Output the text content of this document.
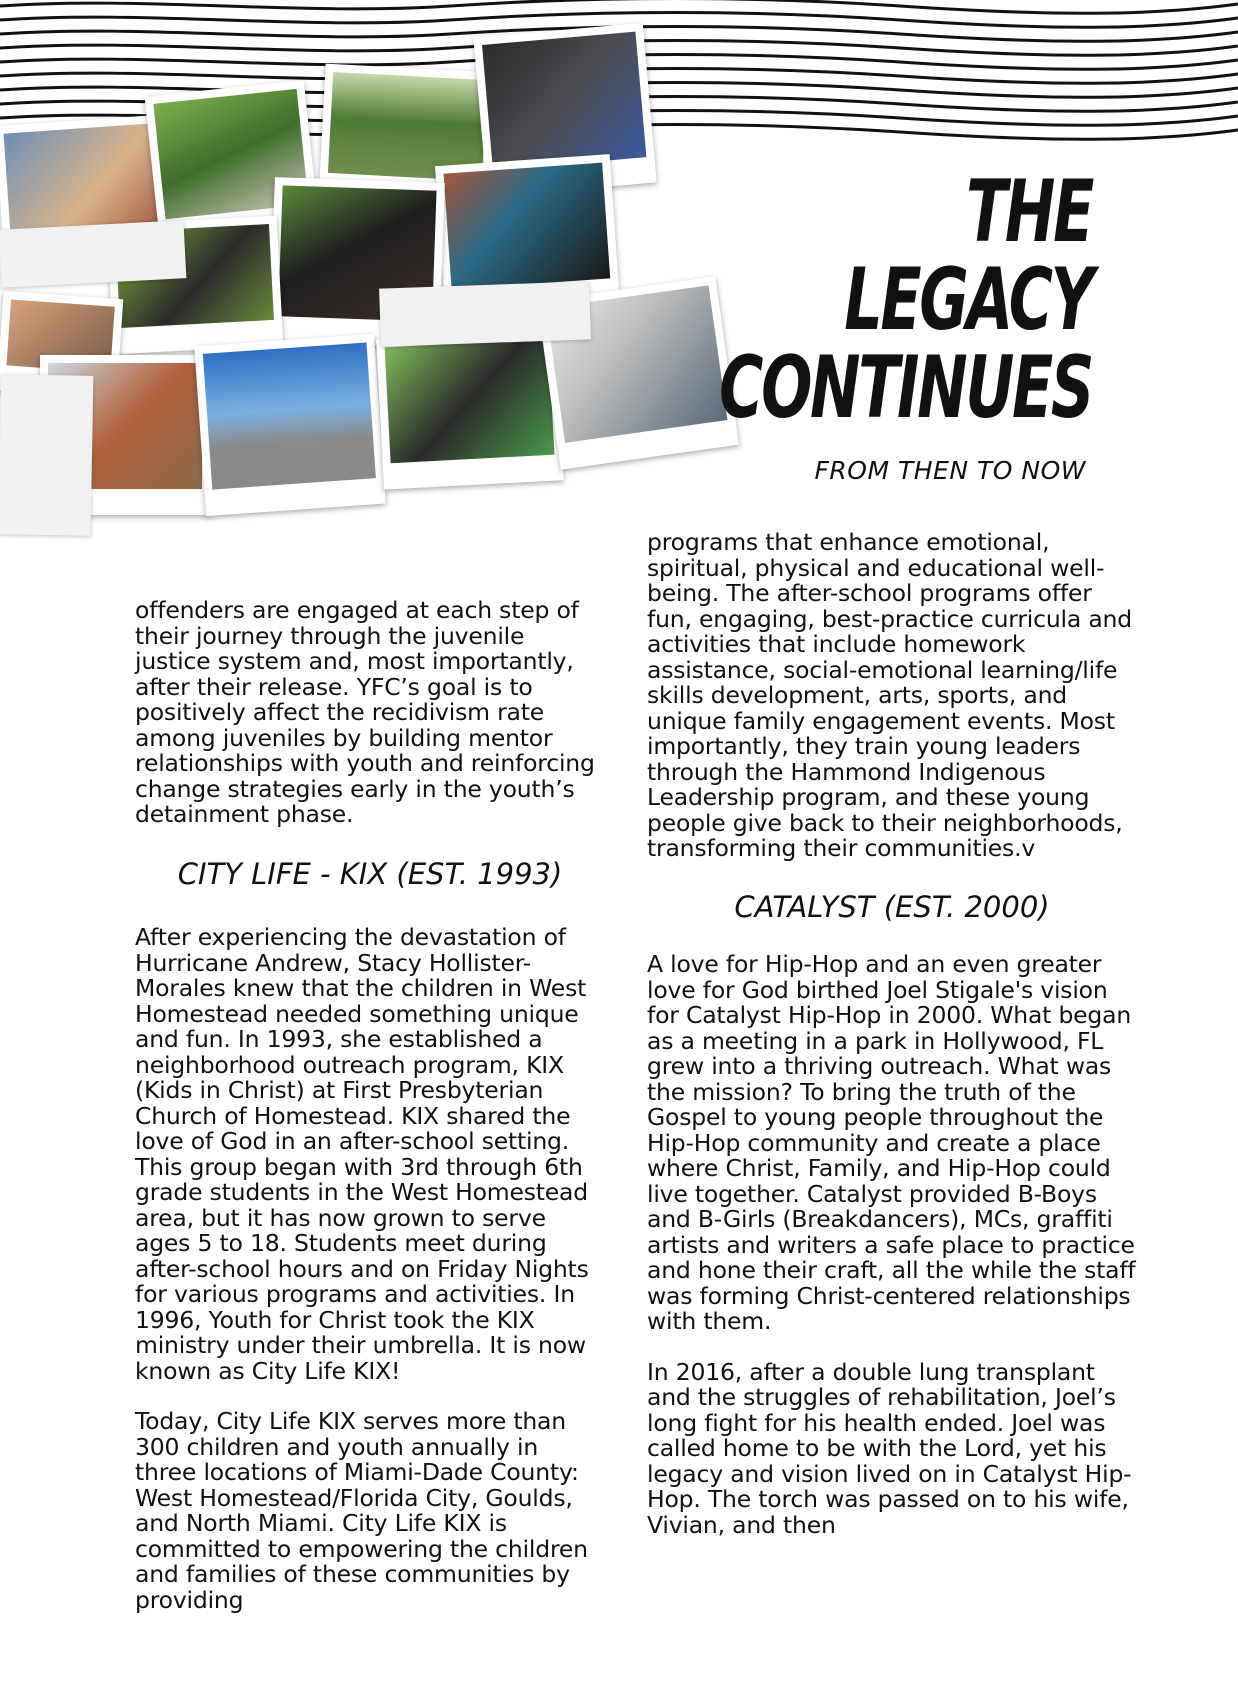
THE
LEGACY
CONTINUES
FROM THEN TO NOW

offenders are engaged at each step of their journey through the juvenile justice system and, most importantly, after their release. YFC’s goal is to positively affect the recidivism rate among juveniles by building mentor relationships with youth and reinforcing change strategies early in the youth’s detainment phase.

CITY LIFE - KIX (EST. 1993)

After experiencing the devastation of Hurricane Andrew, Stacy Hollister-Morales knew that the children in West Homestead needed something unique and fun. In 1993, she established a neighborhood outreach program, KIX (Kids in Christ) at First Presbyterian Church of Homestead. KIX shared the love of God in an after-school setting. This group began with 3rd through 6th grade students in the West Homestead area, but it has now grown to serve ages 5 to 18. Students meet during after-school hours and on Friday Nights for various programs and activities. In 1996, Youth for Christ took the KIX ministry under their umbrella. It is now known as City Life KIX!

Today, City Life KIX serves more than 300 children and youth annually in three locations of Miami-Dade County: West Homestead/Florida City, Goulds, and North Miami. City Life KIX is committed to empowering the children and families of these communities by providing

programs that enhance emotional, spiritual, physical and educational well-being. The after-school programs offer fun, engaging, best-practice curricula and activities that include homework assistance, social-emotional learning/life skills development, arts, sports, and unique family engagement events. Most importantly, they train young leaders through the Hammond Indigenous Leadership program, and these young people give back to their neighborhoods, transforming their communities.v

CATALYST (EST. 2000)

A love for Hip-Hop and an even greater love for God birthed Joel Stigale's vision for Catalyst Hip-Hop in 2000. What began as a meeting in a park in Hollywood, FL grew into a thriving outreach. What was the mission? To bring the truth of the Gospel to young people throughout the Hip-Hop community and create a place where Christ, Family, and Hip-Hop could live together. Catalyst provided B-Boys and B-Girls (Breakdancers), MCs, graffiti artists and writers a safe place to practice and hone their craft, all the while the staff was forming Christ-centered relationships with them.

In 2016, after a double lung transplant and the struggles of rehabilitation, Joel’s long fight for his health ended. Joel was called home to be with the Lord, yet his legacy and vision lived on in Catalyst Hip-Hop. The torch was passed on to his wife, Vivian, and then
